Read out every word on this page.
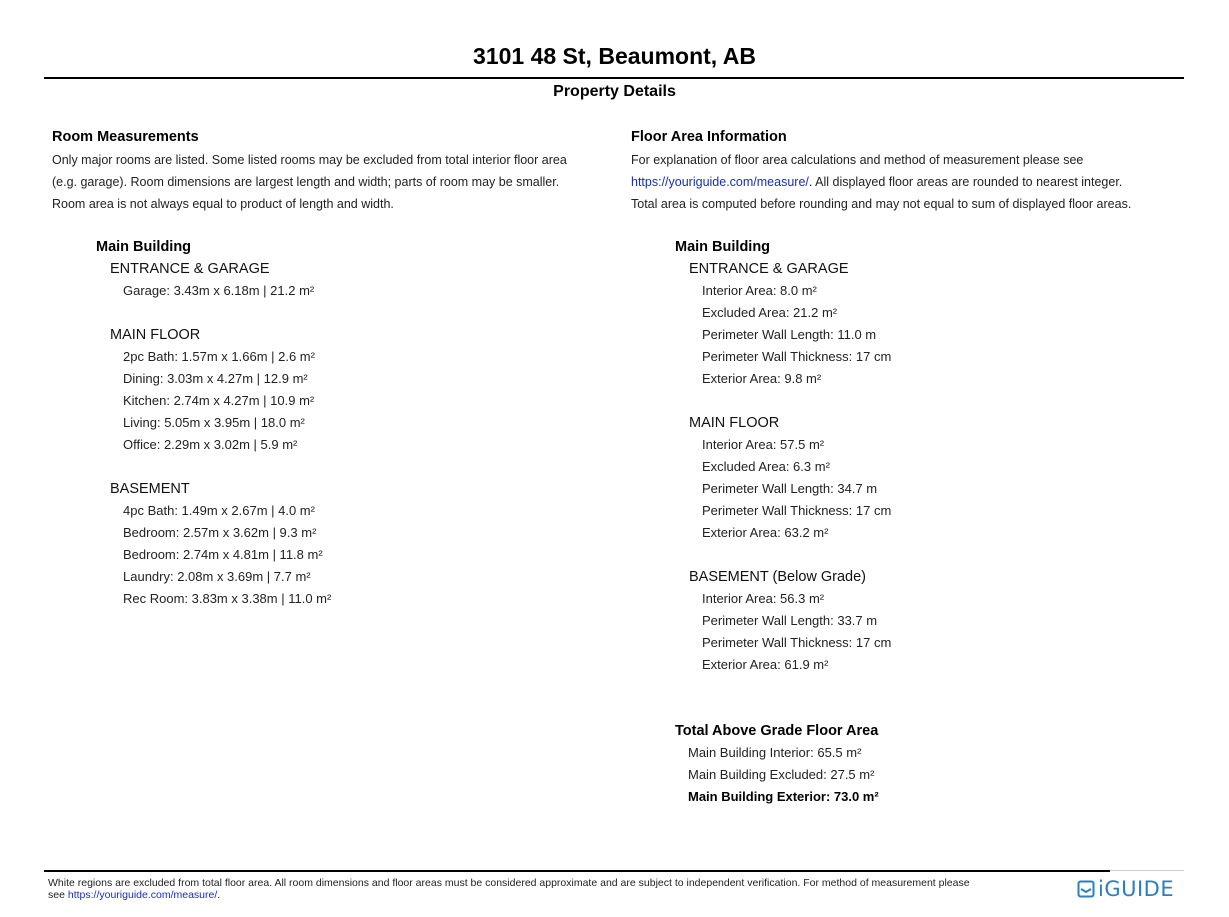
3101 48 St, Beaumont, AB
Property Details
Room Measurements
Only major rooms are listed. Some listed rooms may be excluded from total interior floor area
(e.g. garage). Room dimensions are largest length and width; parts of room may be smaller.
Room area is not always equal to product of length and width.
Main Building
ENTRANCE & GARAGE
Garage: 3.43m x 6.18m | 21.2 m²
MAIN FLOOR
2pc Bath: 1.57m x 1.66m | 2.6 m²
Dining: 3.03m x 4.27m | 12.9 m²
Kitchen: 2.74m x 4.27m | 10.9 m²
Living: 5.05m x 3.95m | 18.0 m²
Office: 2.29m x 3.02m | 5.9 m²
BASEMENT
4pc Bath: 1.49m x 2.67m | 4.0 m²
Bedroom: 2.57m x 3.62m | 9.3 m²
Bedroom: 2.74m x 4.81m | 11.8 m²
Laundry: 2.08m x 3.69m | 7.7 m²
Rec Room: 3.83m x 3.38m | 11.0 m²
Floor Area Information
For explanation of floor area calculations and method of measurement please see
https://youriguide.com/measure/. All displayed floor areas are rounded to nearest integer.
Total area is computed before rounding and may not equal to sum of displayed floor areas.
Main Building
ENTRANCE & GARAGE
Interior Area: 8.0 m²
Excluded Area: 21.2 m²
Perimeter Wall Length: 11.0 m
Perimeter Wall Thickness: 17 cm
Exterior Area: 9.8 m²
MAIN FLOOR
Interior Area: 57.5 m²
Excluded Area: 6.3 m²
Perimeter Wall Length: 34.7 m
Perimeter Wall Thickness: 17 cm
Exterior Area: 63.2 m²
BASEMENT (Below Grade)
Interior Area: 56.3 m²
Perimeter Wall Length: 33.7 m
Perimeter Wall Thickness: 17 cm
Exterior Area: 61.9 m²
Total Above Grade Floor Area
Main Building Interior: 65.5 m²
Main Building Excluded: 27.5 m²
Main Building Exterior: 73.0 m²
White regions are excluded from total floor area. All room dimensions and floor areas must be considered approximate and are subject to independent verification. For method of measurement please
see https://youriguide.com/measure/.	iGUIDE
